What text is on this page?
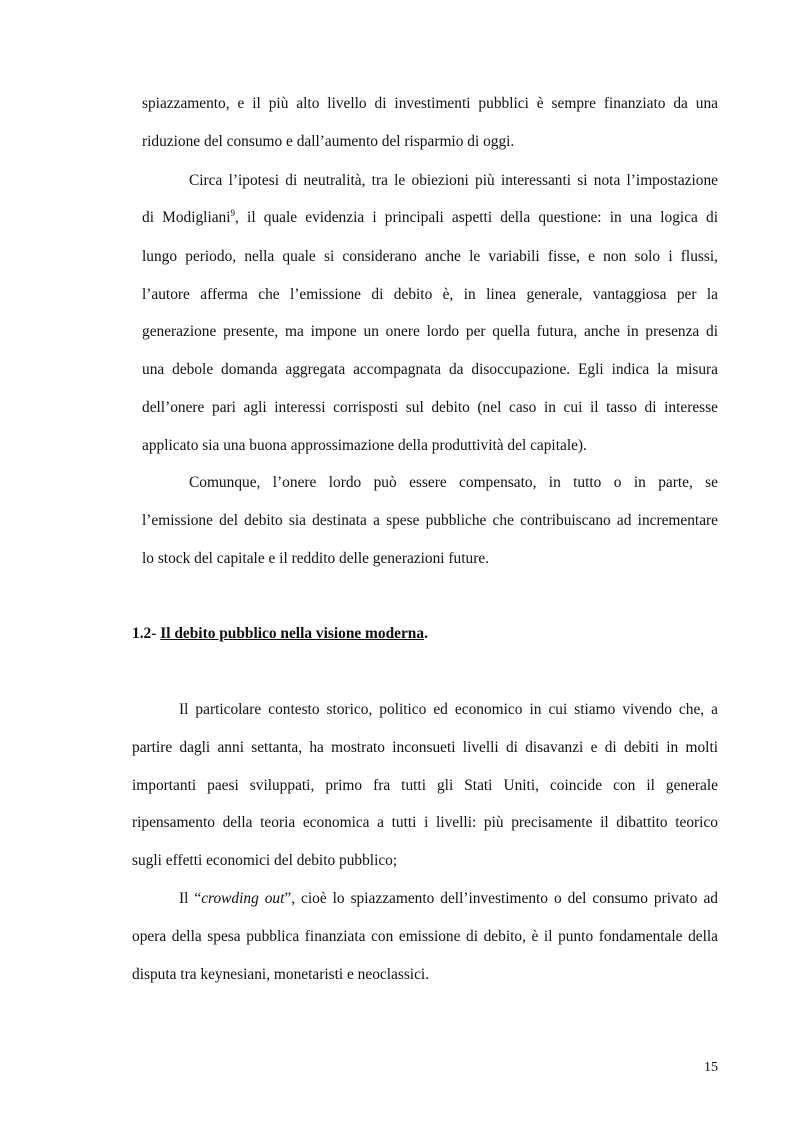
spiazzamento, e il più alto livello di investimenti pubblici è sempre finanziato da una
riduzione del consumo e dall’aumento del risparmio di oggi.
Circa l’ipotesi di neutralità, tra le obiezioni più interessanti si nota l’impostazione
di Modigliani$^9$, il quale evidenzia i principali aspetti della questione: in una logica di
lungo periodo, nella quale si considerano anche le variabili fisse, e non solo i flussi,
l’autore afferma che l’emissione di debito è, in linea generale, vantaggiosa per la
generazione presente, ma impone un onere lordo per quella futura, anche in presenza di
una debole domanda aggregata accompagnata da disoccupazione. Egli indica la misura
dell’onere pari agli interessi corrisposti sul debito (nel caso in cui il tasso di interesse
applicato sia una buona approssimazione della produttività del capitale).
Comunque, l’onere lordo può essere compensato, in tutto o in parte, se
l’emissione del debito sia destinata a spese pubbliche che contribuiscano ad incrementare
lo stock del capitale e il reddito delle generazioni future.
1.2- Il debito pubblico nella visione moderna.
Il particolare contesto storico, politico ed economico in cui stiamo vivendo che, a
partire dagli anni settanta, ha mostrato inconsueti livelli di disavanzi e di debiti in molti
importanti paesi sviluppati, primo fra tutti gli Stati Uniti, coincide con il generale
ripensamento della teoria economica a tutti i livelli: più precisamente il dibattito teorico
sugli effetti economici del debito pubblico;
Il “crowding out”, cioè lo spiazzamento dell’investimento o del consumo privato ad
opera della spesa pubblica finanziata con emissione di debito, è il punto fondamentale della
disputa tra keynesiani, monetaristi e neoclassici.
15
